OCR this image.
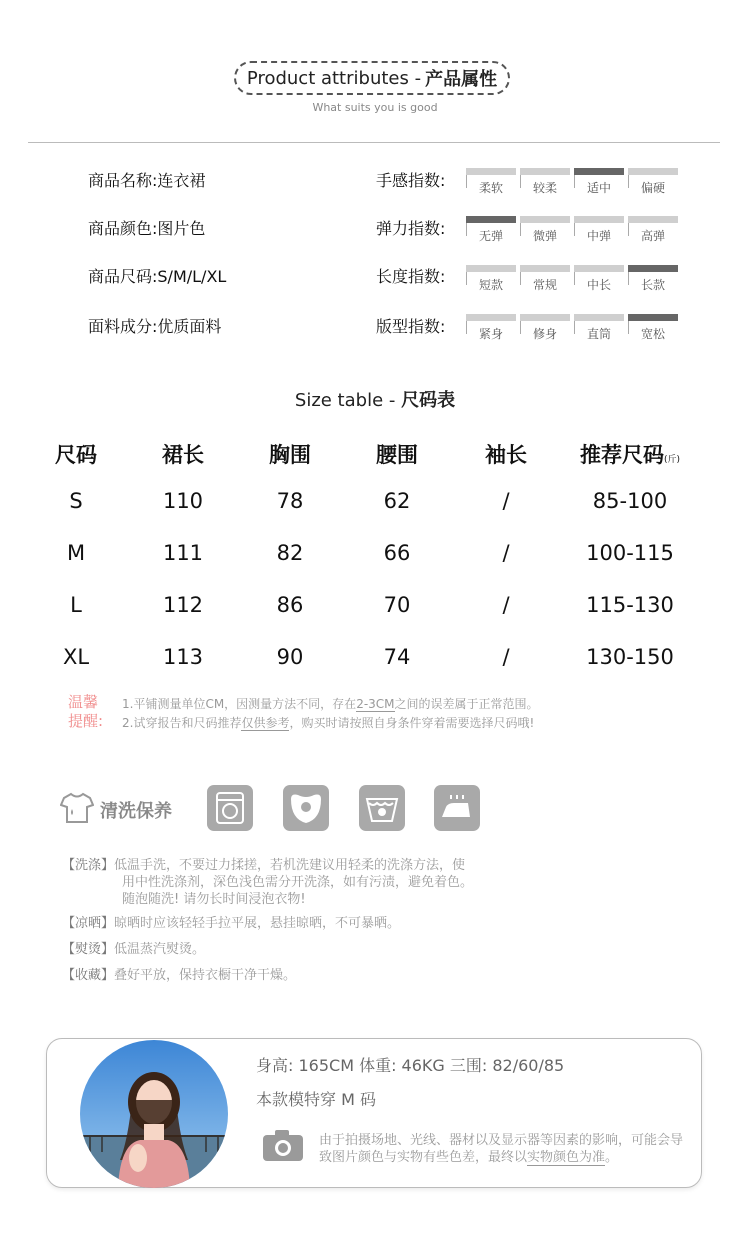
Product attributes - 产品属性
What suits you is good
商品名称:连衣裙
商品颜色:图片色
商品尺码:S/M/L/XL
面料成分:优质面料
手感指数:	柔软	较柔	适中	偏硬
弹力指数:	无弹	微弹	中弹	高弹
长度指数:	短款	常规	中长	长款
版型指数:	紧身	修身	直筒	宽松
Size table - 尺码表
尺码	裙长	胸围	腰围	袖长	推荐尺码(斤)
S	110	78	62	/	85-100
M	111	82	66	/	100-115
L	112	86	70	/	115-130
XL	113	90	74	/	130-150
温馨
提醒:
1.平铺测量单位CM，因测量方法不同，存在2-3CM之间的误差属于正常范围。
2.试穿报告和尺码推荐仅供参考，购买时请按照自身条件穿着需要选择尺码哦!
清洗保养
【洗涤】低温手洗，不要过力揉搓，若机洗建议用轻柔的洗涤方法，使
用中性洗涤剂，深色浅色需分开洗涤，如有污渍，避免着色。
随泡随洗! 请勿长时间浸泡衣物!
【凉晒】晾晒时应该轻轻手拉平展，悬挂晾晒，不可暴晒。
【熨烫】低温蒸汽熨烫。
【收藏】叠好平放，保持衣橱干净干燥。
身高: 165CM 体重: 46KG 三围: 82/60/85
本款模特穿 M 码
由于拍摄场地、光线、器材以及显示器等因素的影响，可能会导致图片颜色与实物有些色差，最终以实物颜色为准。
